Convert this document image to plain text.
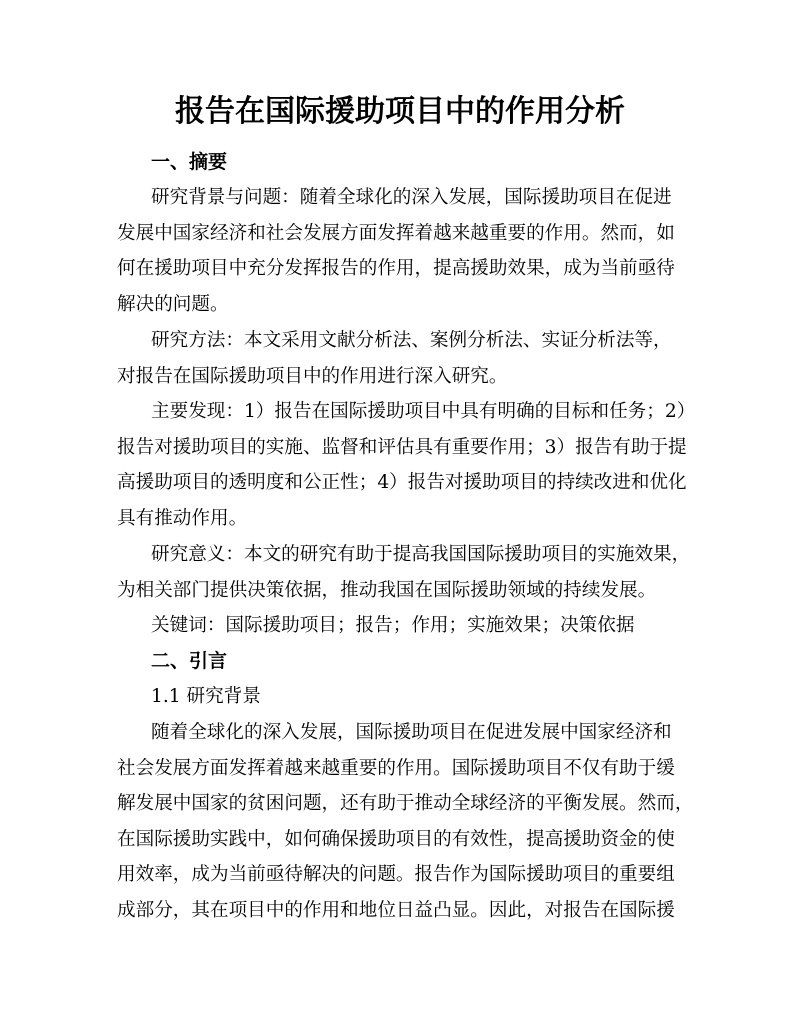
报告在国际援助项目中的作用分析
一、摘要

研究背景与问题：随着全球化的深入发展，国际援助项目在促进

发展中国家经济和社会发展方面发挥着越来越重要的作用。然而，如

何在援助项目中充分发挥报告的作用，提高援助效果，成为当前亟待

解决的问题。

研究方法：本文采用文献分析法、案例分析法、实证分析法等，

对报告在国际援助项目中的作用进行深入研究。

主要发现：1）报告在国际援助项目中具有明确的目标和任务；2）

报告对援助项目的实施、监督和评估具有重要作用；3）报告有助于提

高援助项目的透明度和公正性；4）报告对援助项目的持续改进和优化

具有推动作用。

研究意义：本文的研究有助于提高我国国际援助项目的实施效果，

为相关部门提供决策依据，推动我国在国际援助领域的持续发展。

关键词：国际援助项目；报告；作用；实施效果；决策依据

二、引言

1.1 研究背景

随着全球化的深入发展，国际援助项目在促进发展中国家经济和

社会发展方面发挥着越来越重要的作用。国际援助项目不仅有助于缓

解发展中国家的贫困问题，还有助于推动全球经济的平衡发展。然而，

在国际援助实践中，如何确保援助项目的有效性，提高援助资金的使

用效率，成为当前亟待解决的问题。报告作为国际援助项目的重要组

成部分，其在项目中的作用和地位日益凸显。因此，对报告在国际援
